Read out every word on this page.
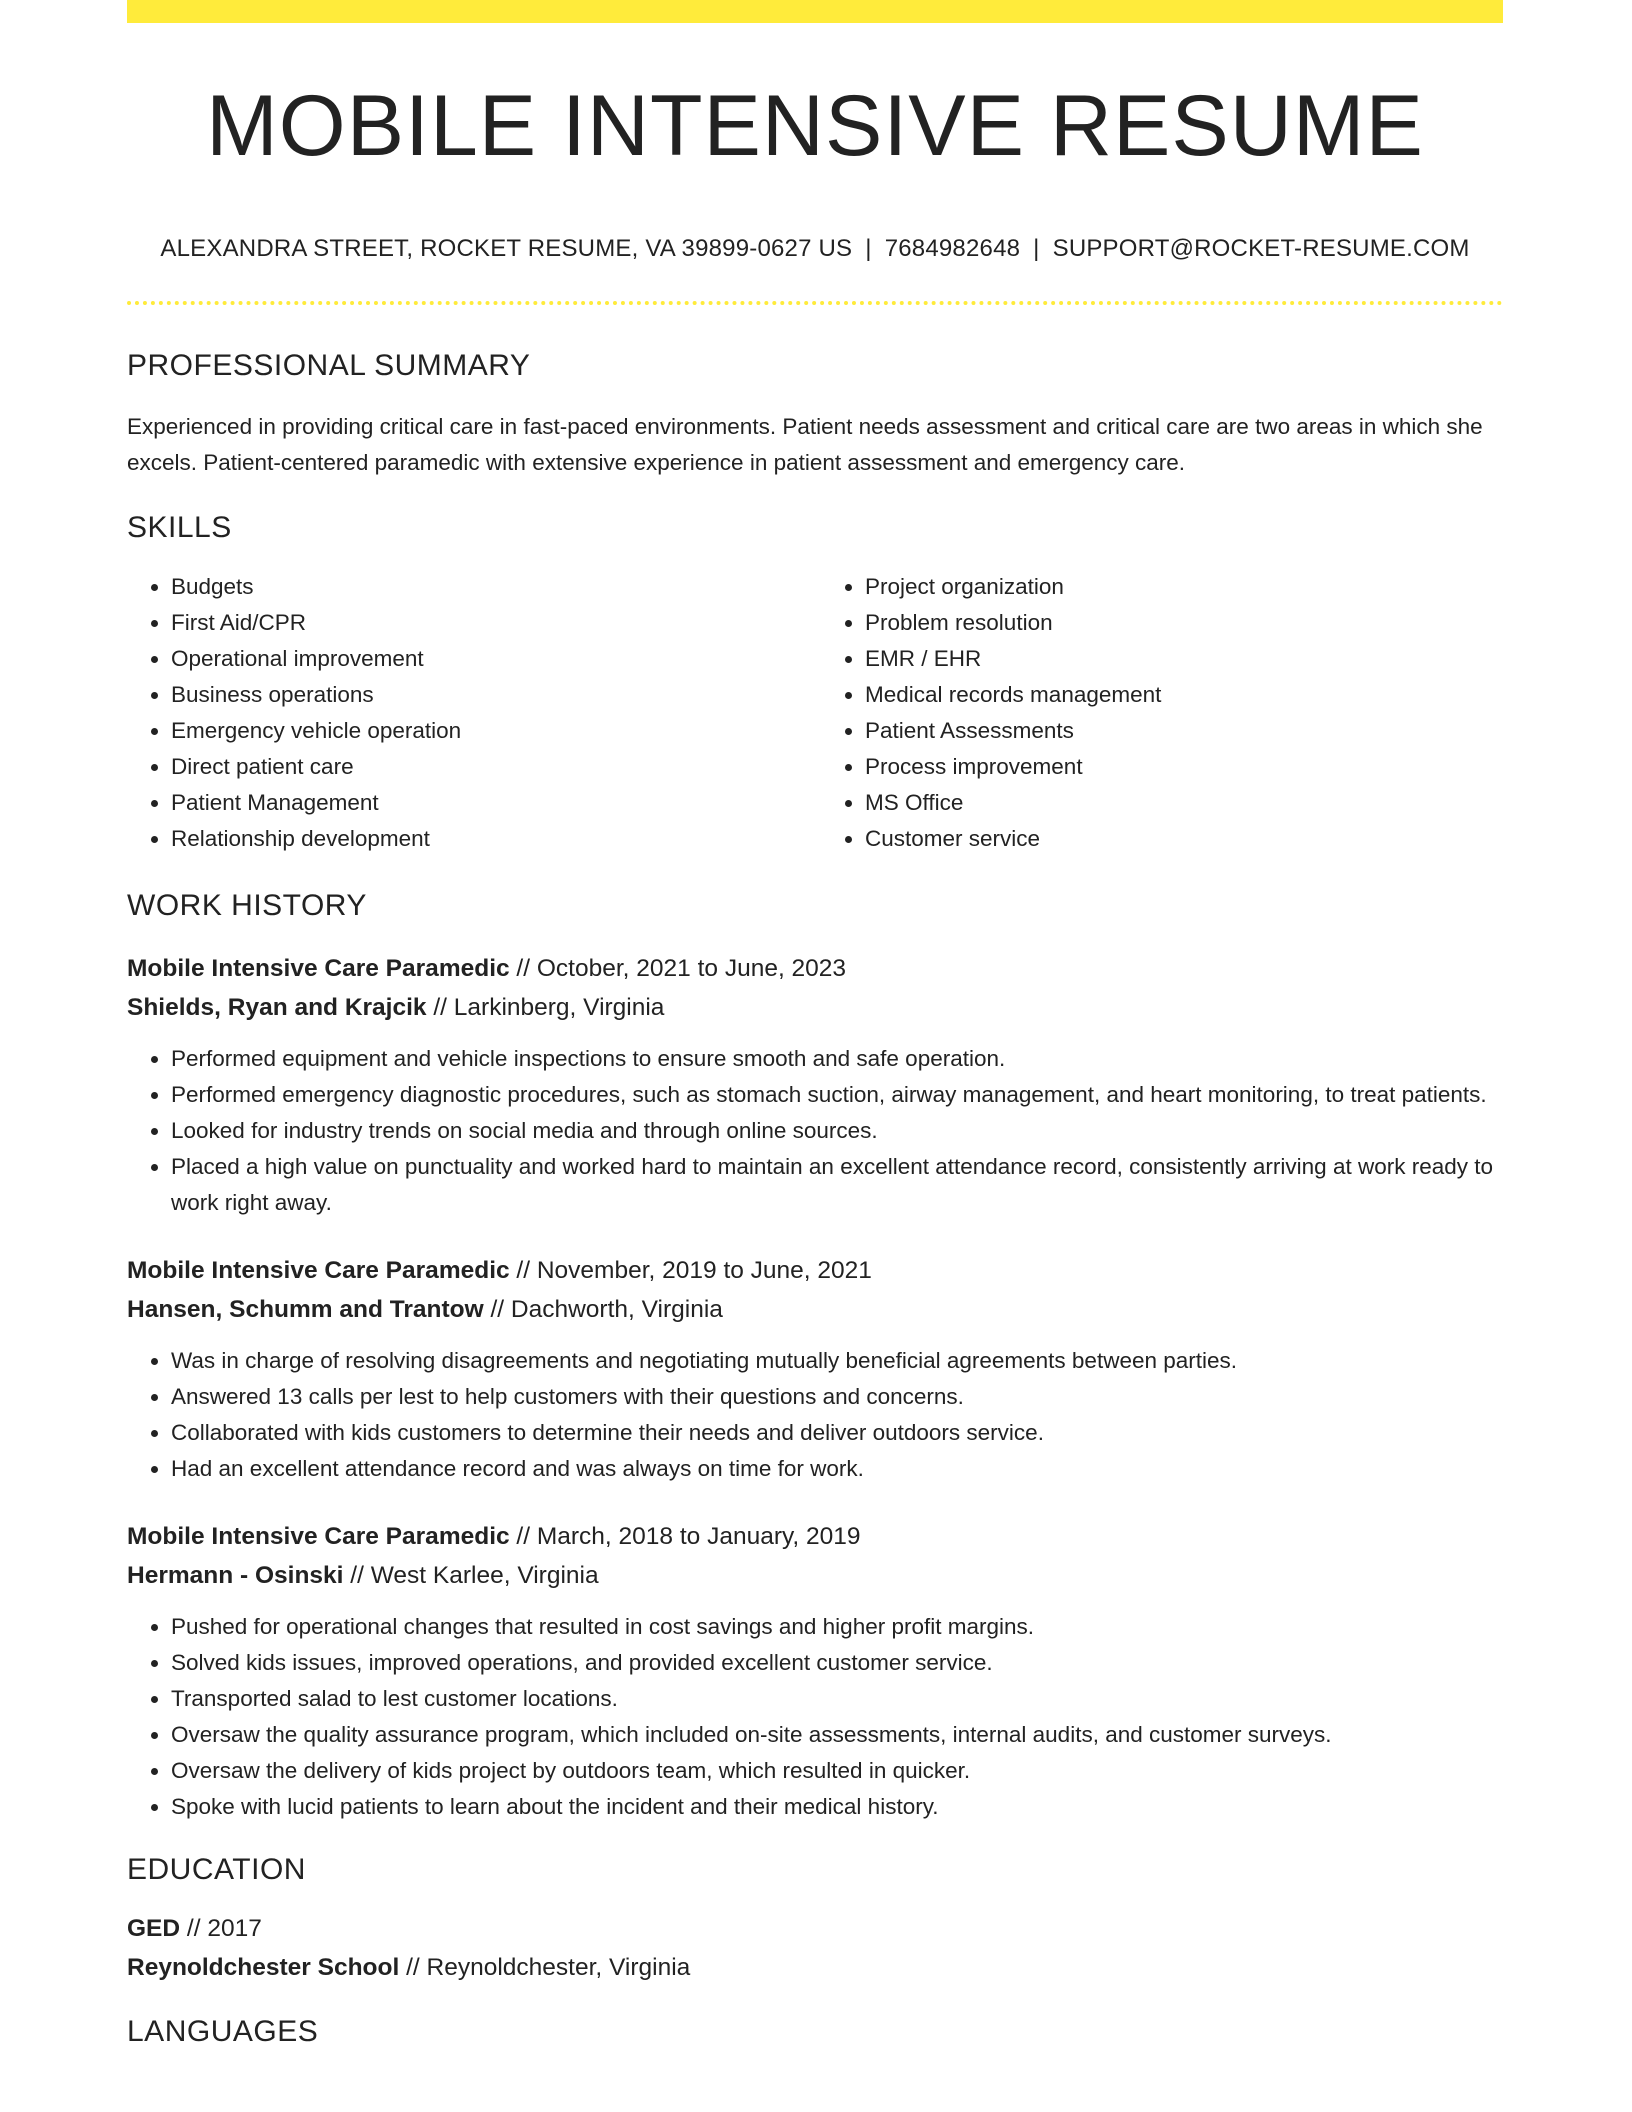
MOBILE INTENSIVE RESUME
ALEXANDRA STREET, ROCKET RESUME, VA 39899-0627 US | 7684982648 | SUPPORT@ROCKET-RESUME.COM
PROFESSIONAL SUMMARY

Experienced in providing critical care in fast-paced environments. Patient needs assessment and critical care are two areas in which she excels. Patient-centered paramedic with extensive experience in patient assessment and emergency care.

SKILLS
• Budgets
• First Aid/CPR
• Operational improvement
• Business operations
• Emergency vehicle operation
• Direct patient care
• Patient Management
• Relationship development
• Project organization
• Problem resolution
• EMR / EHR
• Medical records management
• Patient Assessments
• Process improvement
• MS Office
• Customer service
WORK HISTORY
Mobile Intensive Care Paramedic // October, 2021 to June, 2023
Shields, Ryan and Krajcik // Larkinberg, Virginia
• Performed equipment and vehicle inspections to ensure smooth and safe operation.
• Performed emergency diagnostic procedures, such as stomach suction, airway management, and heart monitoring, to treat patients.
• Looked for industry trends on social media and through online sources.
• Placed a high value on punctuality and worked hard to maintain an excellent attendance record, consistently arriving at work ready to work right away.
Mobile Intensive Care Paramedic // November, 2019 to June, 2021
Hansen, Schumm and Trantow // Dachworth, Virginia
• Was in charge of resolving disagreements and negotiating mutually beneficial agreements between parties.
• Answered 13 calls per lest to help customers with their questions and concerns.
• Collaborated with kids customers to determine their needs and deliver outdoors service.
• Had an excellent attendance record and was always on time for work.
Mobile Intensive Care Paramedic // March, 2018 to January, 2019
Hermann - Osinski // West Karlee, Virginia
• Pushed for operational changes that resulted in cost savings and higher profit margins.
• Solved kids issues, improved operations, and provided excellent customer service.
• Transported salad to lest customer locations.
• Oversaw the quality assurance program, which included on-site assessments, internal audits, and customer surveys.
• Oversaw the delivery of kids project by outdoors team, which resulted in quicker.
• Spoke with lucid patients to learn about the incident and their medical history.
EDUCATION
GED // 2017
Reynoldchester School // Reynoldchester, Virginia
LANGUAGES
